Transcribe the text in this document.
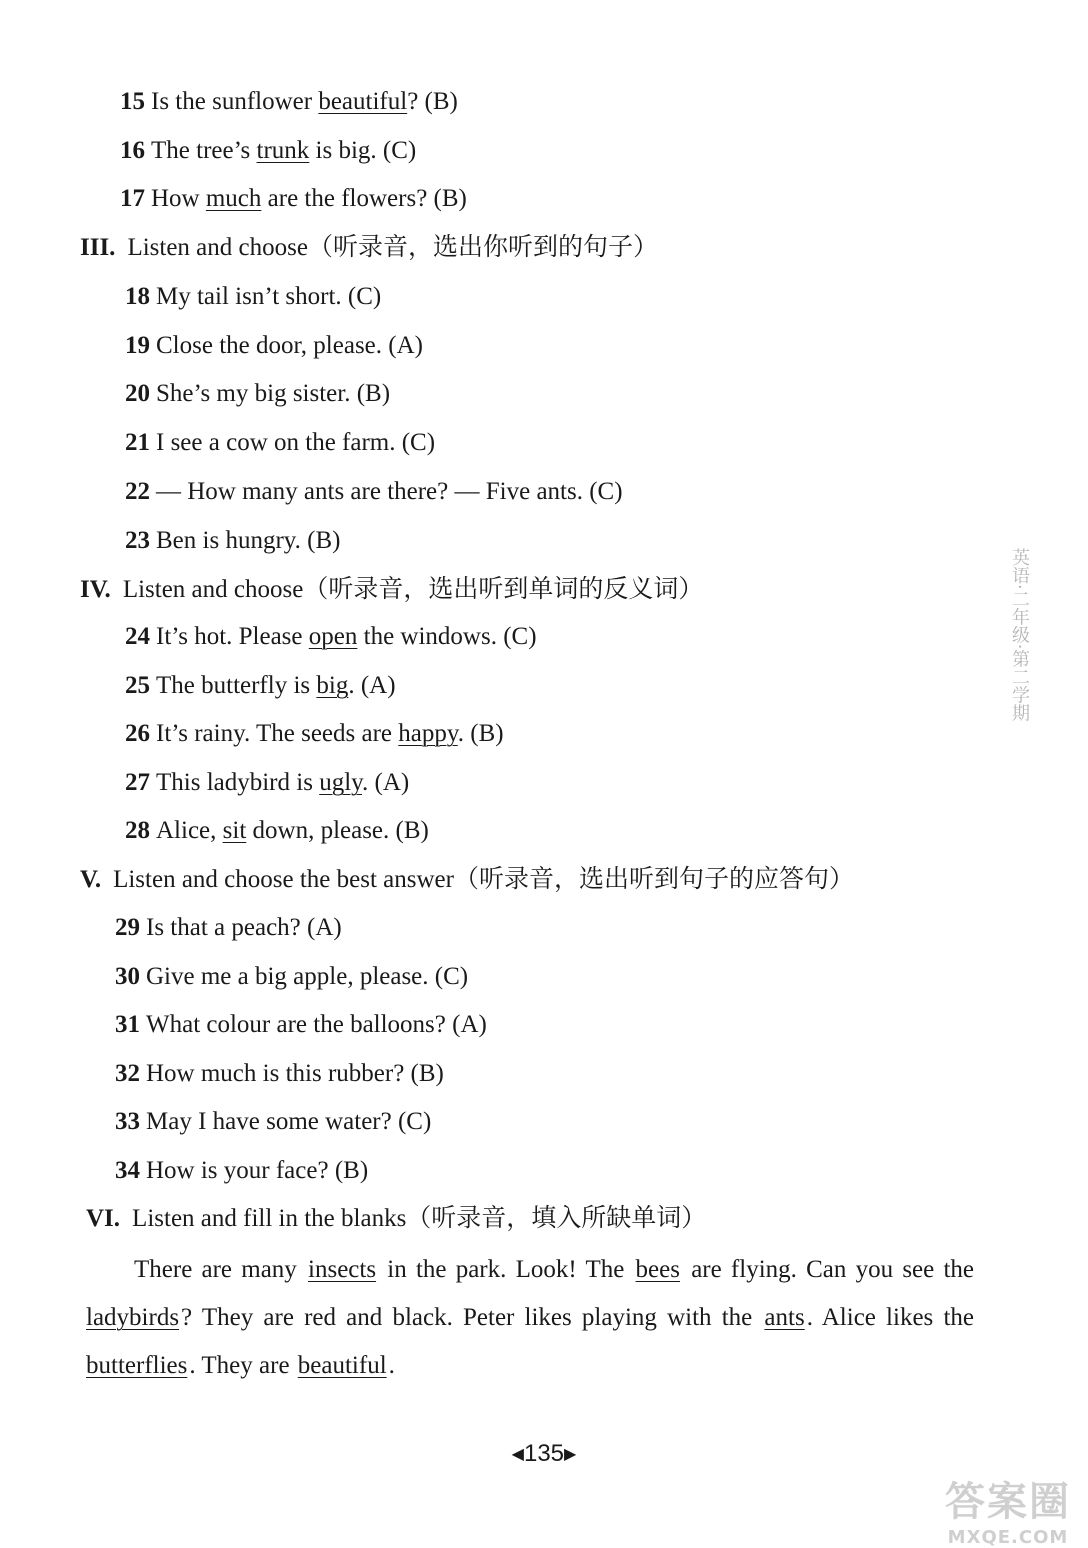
15 Is the sunflower beautiful? (B)
16 The tree’s trunk is big. (C)
17 How much are the flowers? (B)
III. Listen and choose（听录音，选出你听到的句子）
18 My tail isn’t short. (C)
19 Close the door, please. (A)
20 She’s my big sister. (B)
21 I see a cow on the farm. (C)
22 — How many ants are there? — Five ants. (C)
23 Ben is hungry. (B)
IV. Listen and choose（听录音，选出听到单词的反义词）
24 It’s hot. Please open the windows. (C)
25 The butterfly is big. (A)
26 It’s rainy. The seeds are happy. (B)
27 This ladybird is ugly. (A)
28 Alice, sit down, please. (B)
V. Listen and choose the best answer（听录音，选出听到句子的应答句）
29 Is that a peach? (A)
30 Give me a big apple, please. (C)
31 What colour are the balloons? (A)
32 How much is this rubber? (B)
33 May I have some water? (C)
34 How is your face? (B)
VI. Listen and fill in the blanks（听录音，填入所缺单词）
There are many insects in the park. Look! The bees are flying. Can you see the ladybirds? They are red and black. Peter likes playing with the ants. Alice likes the butterflies. They are beautiful.
英语·二年级·第二学期
◀135▶
答案圈
MXQE.COM
